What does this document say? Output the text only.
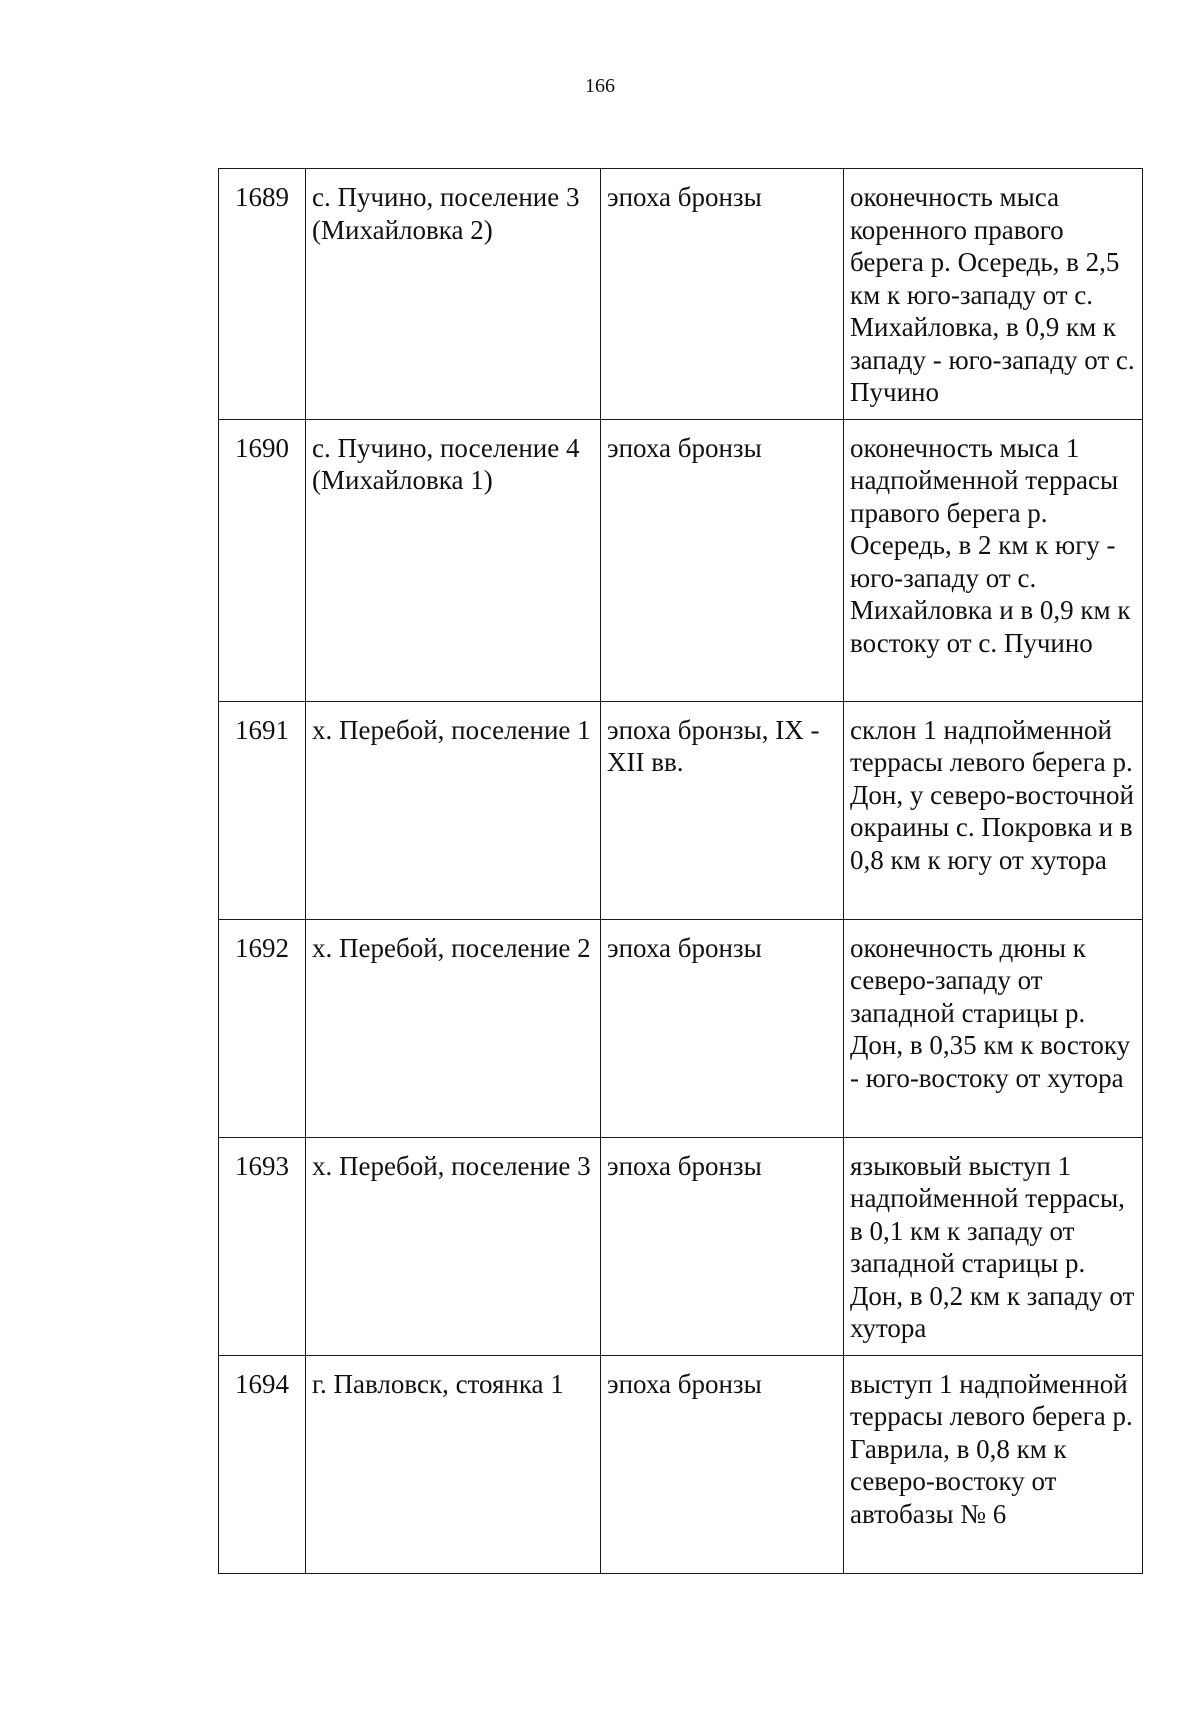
166
1689	с. Пучино, поселение 3 (Михайловка 2)	эпоха бронзы	оконечность мыса коренного правого берега р. Осередь, в 2,5 км к юго-западу от с. Михайловка, в 0,9 км к западу - юго-западу от с. Пучино
1690	с. Пучино, поселение 4 (Михайловка 1)	эпоха бронзы	оконечность мыса 1 надпойменной террасы правого берега р. Осередь, в 2 км к югу - юго-западу от с. Михайловка и в 0,9 км к востоку от с. Пучино
1691	х. Перебой, поселение 1	эпоха бронзы, IX - XII вв.	склон 1 надпойменной террасы левого берега р. Дон, у северо-восточной окраины с. Покровка и в 0,8 км к югу от хутора
1692	х. Перебой, поселение 2	эпоха бронзы	оконечность дюны к северо-западу от западной старицы р. Дон, в 0,35 км к востоку - юго-востоку от хутора
1693	х. Перебой, поселение 3	эпоха бронзы	языковый выступ 1 надпойменной террасы, в 0,1 км к западу от западной старицы р. Дон, в 0,2 км к западу от хутора
1694	г. Павловск, стоянка 1	эпоха бронзы	выступ 1 надпойменной террасы левого берега р. Гаврила, в 0,8 км к северо-востоку от автобазы № 6
